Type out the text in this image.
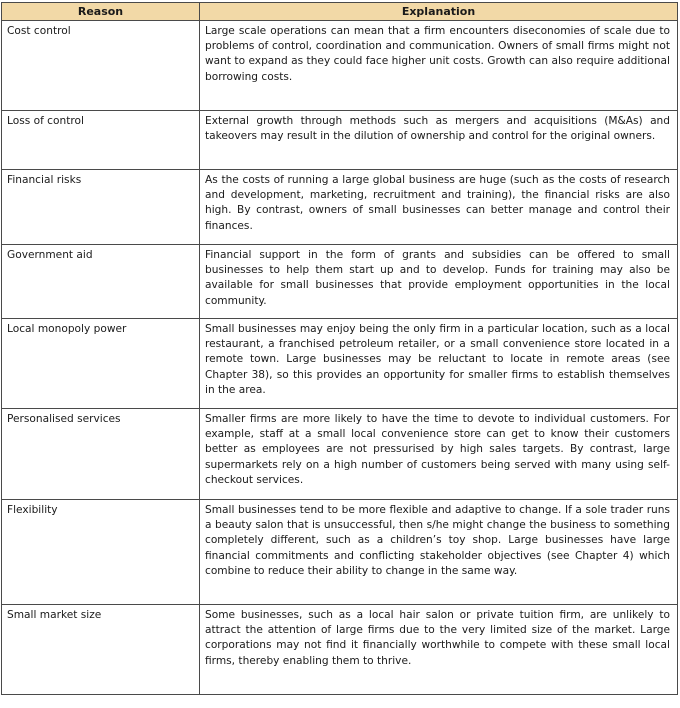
Reason	Explanation
Cost control	Large scale operations can mean that a firm encounters diseconomies of scale due to problems of control, coordination and communication. Owners of small firms might not want to expand as they could face higher unit costs. Growth can also require additional borrowing costs.
Loss of control	External growth through methods such as mergers and acquisitions (M&As) and takeovers may result in the dilution of ownership and control for the original owners.
Financial risks	As the costs of running a large global business are huge (such as the costs of research and development, marketing, recruitment and training), the financial risks are also high. By contrast, owners of small businesses can better manage and control their finances.
Government aid	Financial support in the form of grants and subsidies can be offered to small businesses to help them start up and to develop. Funds for training may also be available for small businesses that provide employment opportunities in the local community.
Local monopoly power	Small businesses may enjoy being the only firm in a particular location, such as a local restaurant, a franchised petroleum retailer, or a small convenience store located in a remote town. Large businesses may be reluctant to locate in remote areas (see Chapter 38), so this provides an opportunity for smaller firms to establish themselves in the area.
Personalised services	Smaller firms are more likely to have the time to devote to individual customers. For example, staff at a small local convenience store can get to know their customers better as employees are not pressurised by high sales targets. By contrast, large supermarkets rely on a high number of customers being served with many using self-checkout services.
Flexibility	Small businesses tend to be more flexible and adaptive to change. If a sole trader runs a beauty salon that is unsuccessful, then s/he might change the business to something completely different, such as a children’s toy shop. Large businesses have large financial commitments and conflicting stakeholder objectives (see Chapter 4) which combine to reduce their ability to change in the same way.
Small market size	Some businesses, such as a local hair salon or private tuition firm, are unlikely to attract the attention of large firms due to the very limited size of the market. Large corporations may not find it financially worthwhile to compete with these small local firms, thereby enabling them to thrive.
